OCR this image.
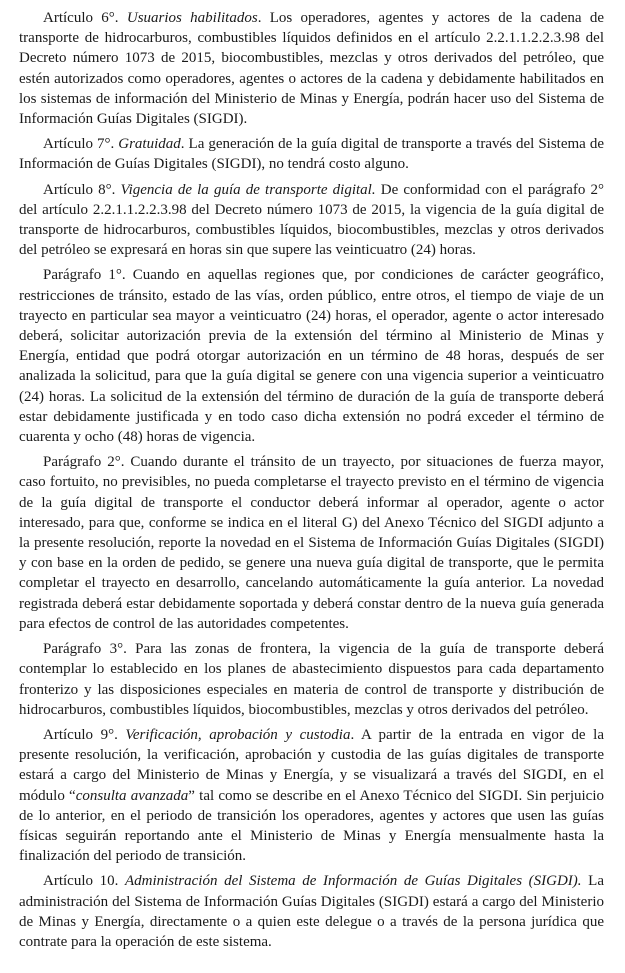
Artículo 6°. Usuarios habilitados. Los operadores, agentes y actores de la cadena de transporte de hidrocarburos, combustibles líquidos definidos en el artículo 2.2.1.1.2.2.3.98 del Decreto número 1073 de 2015, biocombustibles, mezclas y otros derivados del petróleo, que estén autorizados como operadores, agentes o actores de la cadena y debidamente habilitados en los sistemas de información del Ministerio de Minas y Energía, podrán hacer uso del Sistema de Información Guías Digitales (SIGDI).

Artículo 7°. Gratuidad. La generación de la guía digital de transporte a través del Sistema de Información de Guías Digitales (SIGDI), no tendrá costo alguno.

Artículo 8°. Vigencia de la guía de transporte digital. De conformidad con el parágrafo 2° del artículo 2.2.1.1.2.2.3.98 del Decreto número 1073 de 2015, la vigencia de la guía digital de transporte de hidrocarburos, combustibles líquidos, biocombustibles, mezclas y otros derivados del petróleo se expresará en horas sin que supere las veinticuatro (24) horas.

Parágrafo 1°. Cuando en aquellas regiones que, por condiciones de carácter geográfico, restricciones de tránsito, estado de las vías, orden público, entre otros, el tiempo de viaje de un trayecto en particular sea mayor a veinticuatro (24) horas, el operador, agente o actor interesado deberá, solicitar autorización previa de la extensión del término al Ministerio de Minas y Energía, entidad que podrá otorgar autorización en un término de 48 horas, después de ser analizada la solicitud, para que la guía digital se genere con una vigencia superior a veinticuatro (24) horas. La solicitud de la extensión del término de duración de la guía de transporte deberá estar debidamente justificada y en todo caso dicha extensión no podrá exceder el término de cuarenta y ocho (48) horas de vigencia.

Parágrafo 2°. Cuando durante el tránsito de un trayecto, por situaciones de fuerza mayor, caso fortuito, no previsibles, no pueda completarse el trayecto previsto en el término de vigencia de la guía digital de transporte el conductor deberá informar al operador, agente o actor interesado, para que, conforme se indica en el literal G) del Anexo Técnico del SIGDI adjunto a la presente resolución, reporte la novedad en el Sistema de Información Guías Digitales (SIGDI) y con base en la orden de pedido, se genere una nueva guía digital de transporte, que le permita completar el trayecto en desarrollo, cancelando automáticamente la guía anterior. La novedad registrada deberá estar debidamente soportada y deberá constar dentro de la nueva guía generada para efectos de control de las autoridades competentes.

Parágrafo 3°. Para las zonas de frontera, la vigencia de la guía de transporte deberá contemplar lo establecido en los planes de abastecimiento dispuestos para cada departamento fronterizo y las disposiciones especiales en materia de control de transporte y distribución de hidrocarburos, combustibles líquidos, biocombustibles, mezclas y otros derivados del petróleo.

Artículo 9°. Verificación, aprobación y custodia. A partir de la entrada en vigor de la presente resolución, la verificación, aprobación y custodia de las guías digitales de transporte estará a cargo del Ministerio de Minas y Energía, y se visualizará a través del SIGDI, en el módulo “consulta avanzada” tal como se describe en el Anexo Técnico del SIGDI. Sin perjuicio de lo anterior, en el periodo de transición los operadores, agentes y actores que usen las guías físicas seguirán reportando ante el Ministerio de Minas y Energía mensualmente hasta la finalización del periodo de transición.

Artículo 10. Administración del Sistema de Información de Guías Digitales (SIGDI). La administración del Sistema de Información Guías Digitales (SIGDI) estará a cargo del Ministerio de Minas y Energía, directamente o a quien este delegue o a través de la persona jurídica que contrate para la operación de este sistema.
